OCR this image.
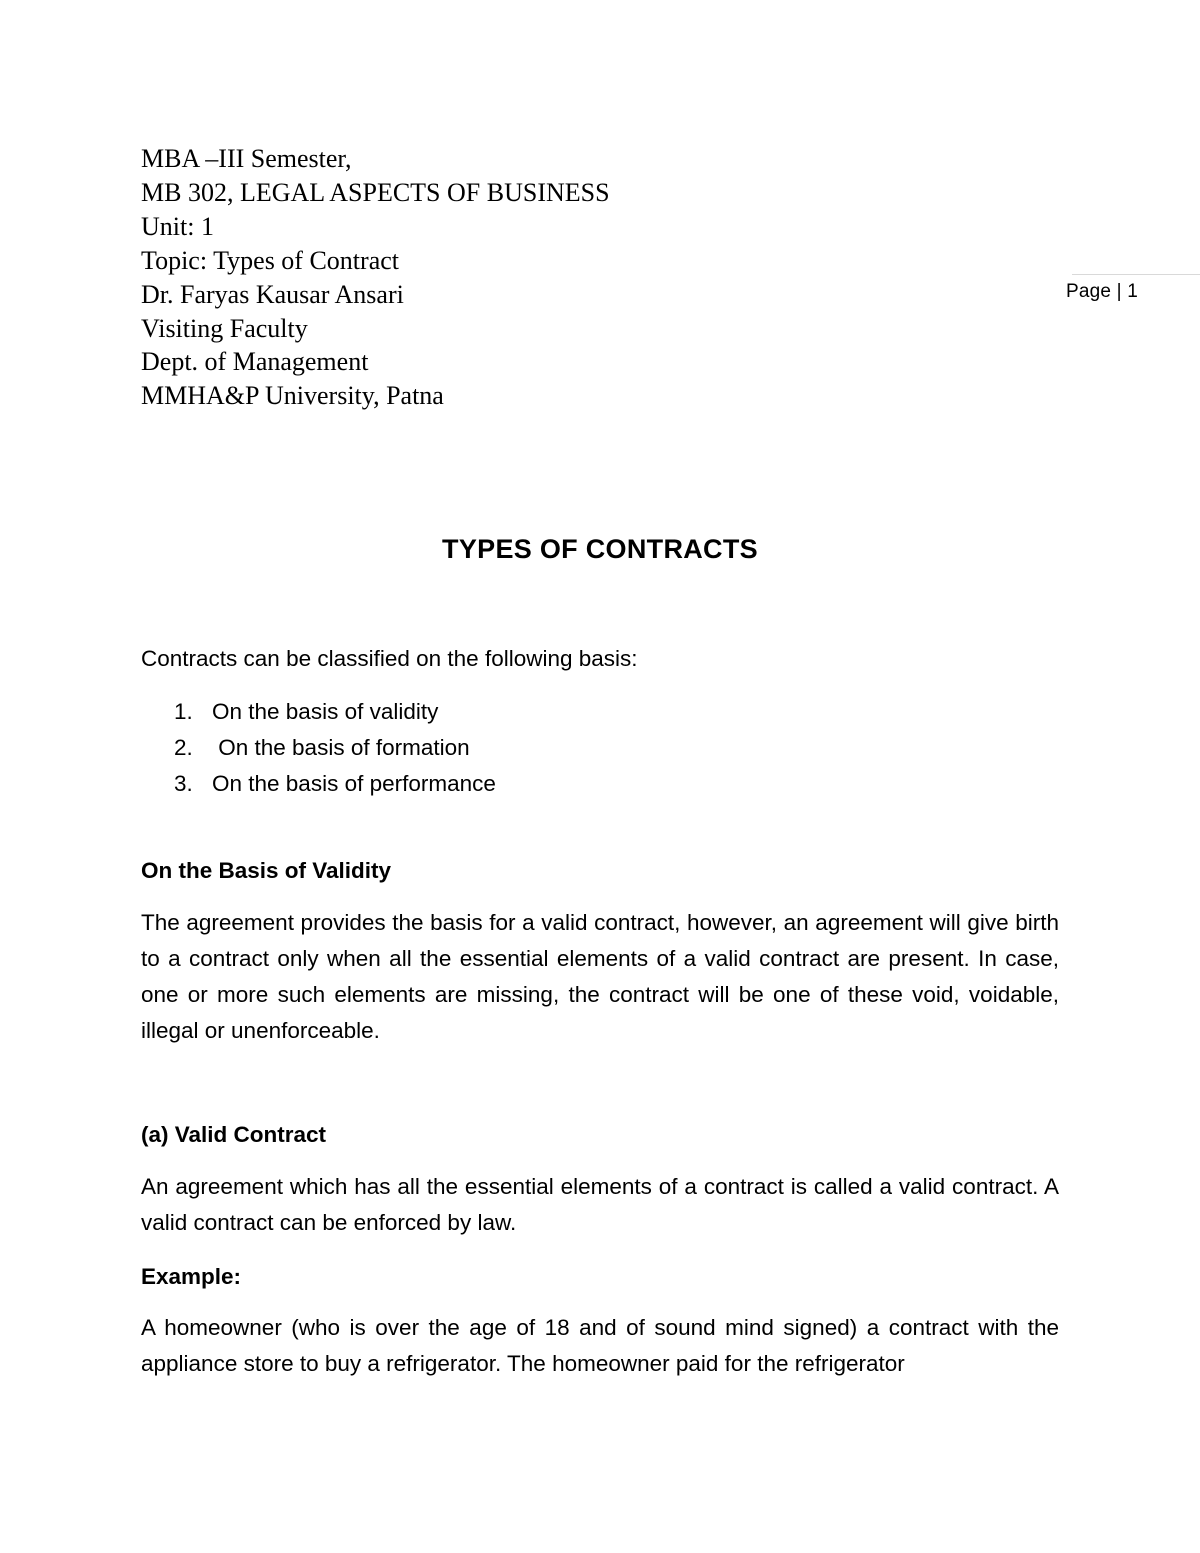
Page | 1
MBA –III Semester,
MB 302, LEGAL ASPECTS OF BUSINESS
Unit: 1
Topic: Types of Contract
Dr. Faryas Kausar Ansari
Visiting Faculty
Dept. of Management
MMHA&P University, Patna
TYPES OF CONTRACTS
Contracts can be classified on the following basis:
1. On the basis of validity
2. On the basis of formation
3. On the basis of performance
On the Basis of Validity
The agreement provides the basis for a valid contract, however, an agreement will give birth to a contract only when all the essential elements of a valid contract are present. In case, one or more such elements are missing, the contract will be one of these void, voidable, illegal or unenforceable.
(a) Valid Contract
An agreement which has all the essential elements of a contract is called a valid contract. A valid contract can be enforced by law.
Example:
A homeowner (who is over the age of 18 and of sound mind signed) a contract with the appliance store to buy a refrigerator. The homeowner paid for the refrigerator
